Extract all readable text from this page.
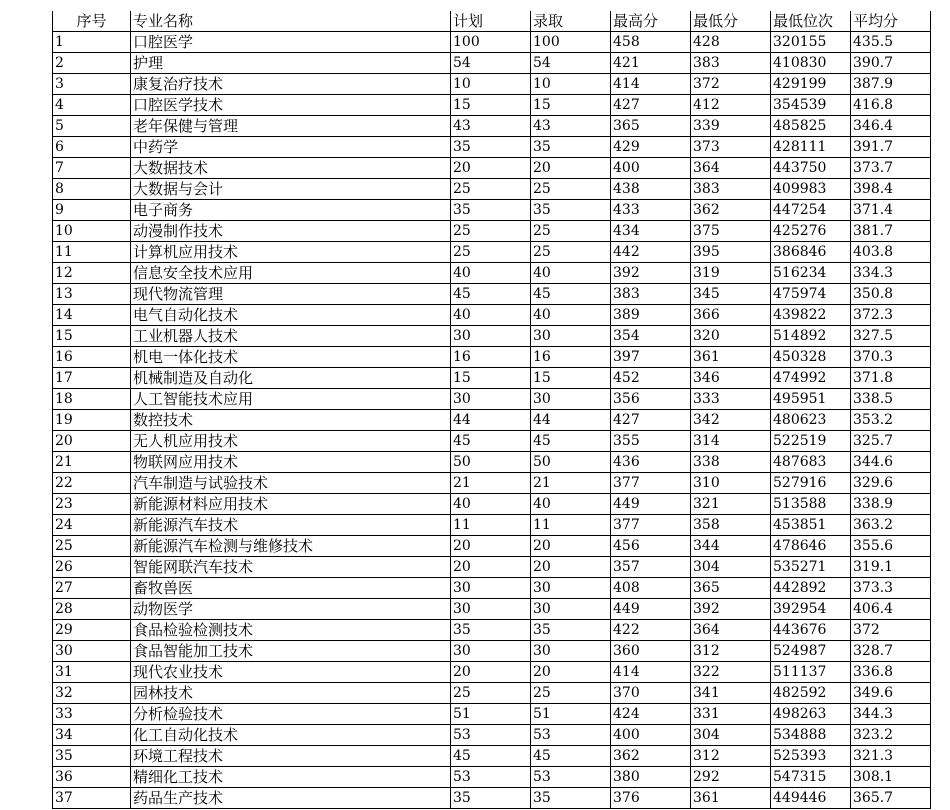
序号	专业名称	计划	录取	最高分	最低分	最低位次	平均分
1	口腔医学	100	100	458	428	320155	435.5
2	护理	54	54	421	383	410830	390.7
3	康复治疗技术	10	10	414	372	429199	387.9
4	口腔医学技术	15	15	427	412	354539	416.8
5	老年保健与管理	43	43	365	339	485825	346.4
6	中药学	35	35	429	373	428111	391.7
7	大数据技术	20	20	400	364	443750	373.7
8	大数据与会计	25	25	438	383	409983	398.4
9	电子商务	35	35	433	362	447254	371.4
10	动漫制作技术	25	25	434	375	425276	381.7
11	计算机应用技术	25	25	442	395	386846	403.8
12	信息安全技术应用	40	40	392	319	516234	334.3
13	现代物流管理	45	45	383	345	475974	350.8
14	电气自动化技术	40	40	389	366	439822	372.3
15	工业机器人技术	30	30	354	320	514892	327.5
16	机电一体化技术	16	16	397	361	450328	370.3
17	机械制造及自动化	15	15	452	346	474992	371.8
18	人工智能技术应用	30	30	356	333	495951	338.5
19	数控技术	44	44	427	342	480623	353.2
20	无人机应用技术	45	45	355	314	522519	325.7
21	物联网应用技术	50	50	436	338	487683	344.6
22	汽车制造与试验技术	21	21	377	310	527916	329.6
23	新能源材料应用技术	40	40	449	321	513588	338.9
24	新能源汽车技术	11	11	377	358	453851	363.2
25	新能源汽车检测与维修技术	20	20	456	344	478646	355.6
26	智能网联汽车技术	20	20	357	304	535271	319.1
27	畜牧兽医	30	30	408	365	442892	373.3
28	动物医学	30	30	449	392	392954	406.4
29	食品检验检测技术	35	35	422	364	443676	372
30	食品智能加工技术	30	30	360	312	524987	328.7
31	现代农业技术	20	20	414	322	511137	336.8
32	园林技术	25	25	370	341	482592	349.6
33	分析检验技术	51	51	424	331	498263	344.3
34	化工自动化技术	53	53	400	304	534888	323.2
35	环境工程技术	45	45	362	312	525393	321.3
36	精细化工技术	53	53	380	292	547315	308.1
37	药品生产技术	35	35	376	361	449446	365.7
